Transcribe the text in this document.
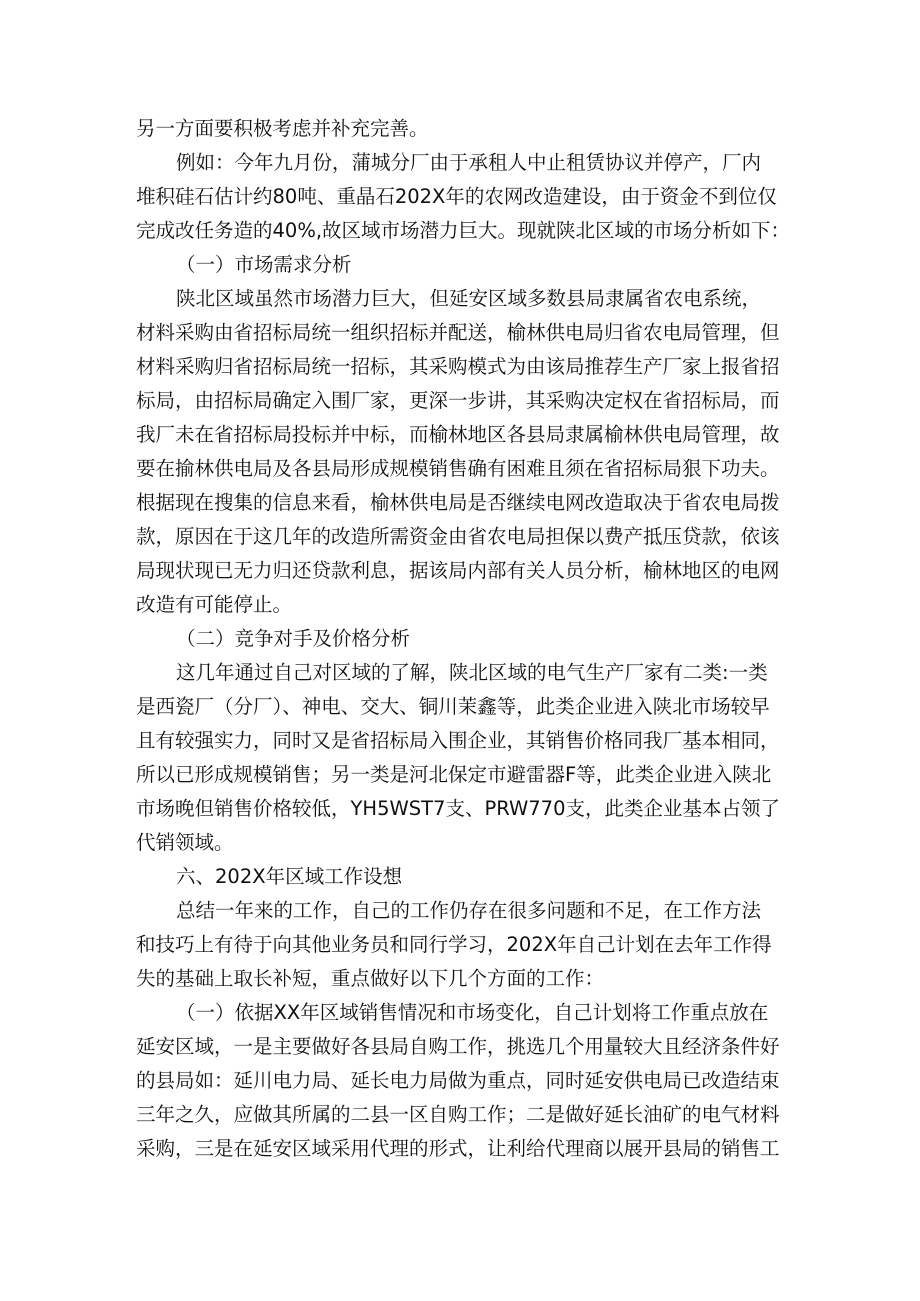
另一方面要积极考虑并补充完善。
例如：今年九月份，蒲城分厂由于承租人中止租赁协议并停产，厂内
堆积硅石估计约80吨、重晶石202X年的农网改造建设，由于资金不到位仅
完成改任务造的40%,故区域市场潜力巨大。现就陕北区域的市场分析如下：
（一）市场需求分析
陕北区域虽然市场潜力巨大，但延安区域多数县局隶属省农电系统，
材料采购由省招标局统一组织招标并配送，榆林供电局归省农电局管理，但
材料采购归省招标局统一招标，其采购模式为由该局推荐生产厂家上报省招
标局，由招标局确定入围厂家，更深一步讲，其采购决定权在省招标局，而
我厂未在省招标局投标并中标，而榆林地区各县局隶属榆林供电局管理，故
要在揄林供电局及各县局形成规模销售确有困难且须在省招标局狠下功夫。
根据现在搜集的信息来看，榆林供电局是否继续电网改造取决于省农电局拨
款，原因在于这几年的改造所需资金由省农电局担保以费产抵压贷款，依该
局现状现已无力归还贷款利息，据该局内部有关人员分析，榆林地区的电网
改造有可能停止。
（二）竞争对手及价格分析
这几年通过自己对区域的了解，陕北区域的电气生产厂家有二类:一类
是西瓷厂（分厂）、神电、交大、铜川茉鑫等，此类企业进入陕北市场较早
且有较强实力，同时又是省招标局入围企业，其销售价格同我厂基本相同，
所以已形成规模销售；另一类是河北保定市避雷器F等，此类企业进入陕北
市场晚但销售价格较低，YH5WST7支、PRW770支，此类企业基本占领了
代销领域。
六、202X年区域工作设想
总结一年来的工作，自己的工作仍存在很多问题和不足，在工作方法
和技巧上有待于向其他业务员和同行学习，202X年自己计划在去年工作得
失的基础上取长补短，重点做好以下几个方面的工作：
（一）依据XX年区域销售情况和市场变化，自己计划将工作重点放在
延安区域，一是主要做好各县局自购工作，挑选几个用量较大且经济条件好
的县局如：延川电力局、延长电力局做为重点，同时延安供电局已改造结束
三年之久，应做其所属的二县一区自购工作；二是做好延长油矿的电气材料
采购，三是在延安区域采用代理的形式，让利给代理商以展开县局的销售工
